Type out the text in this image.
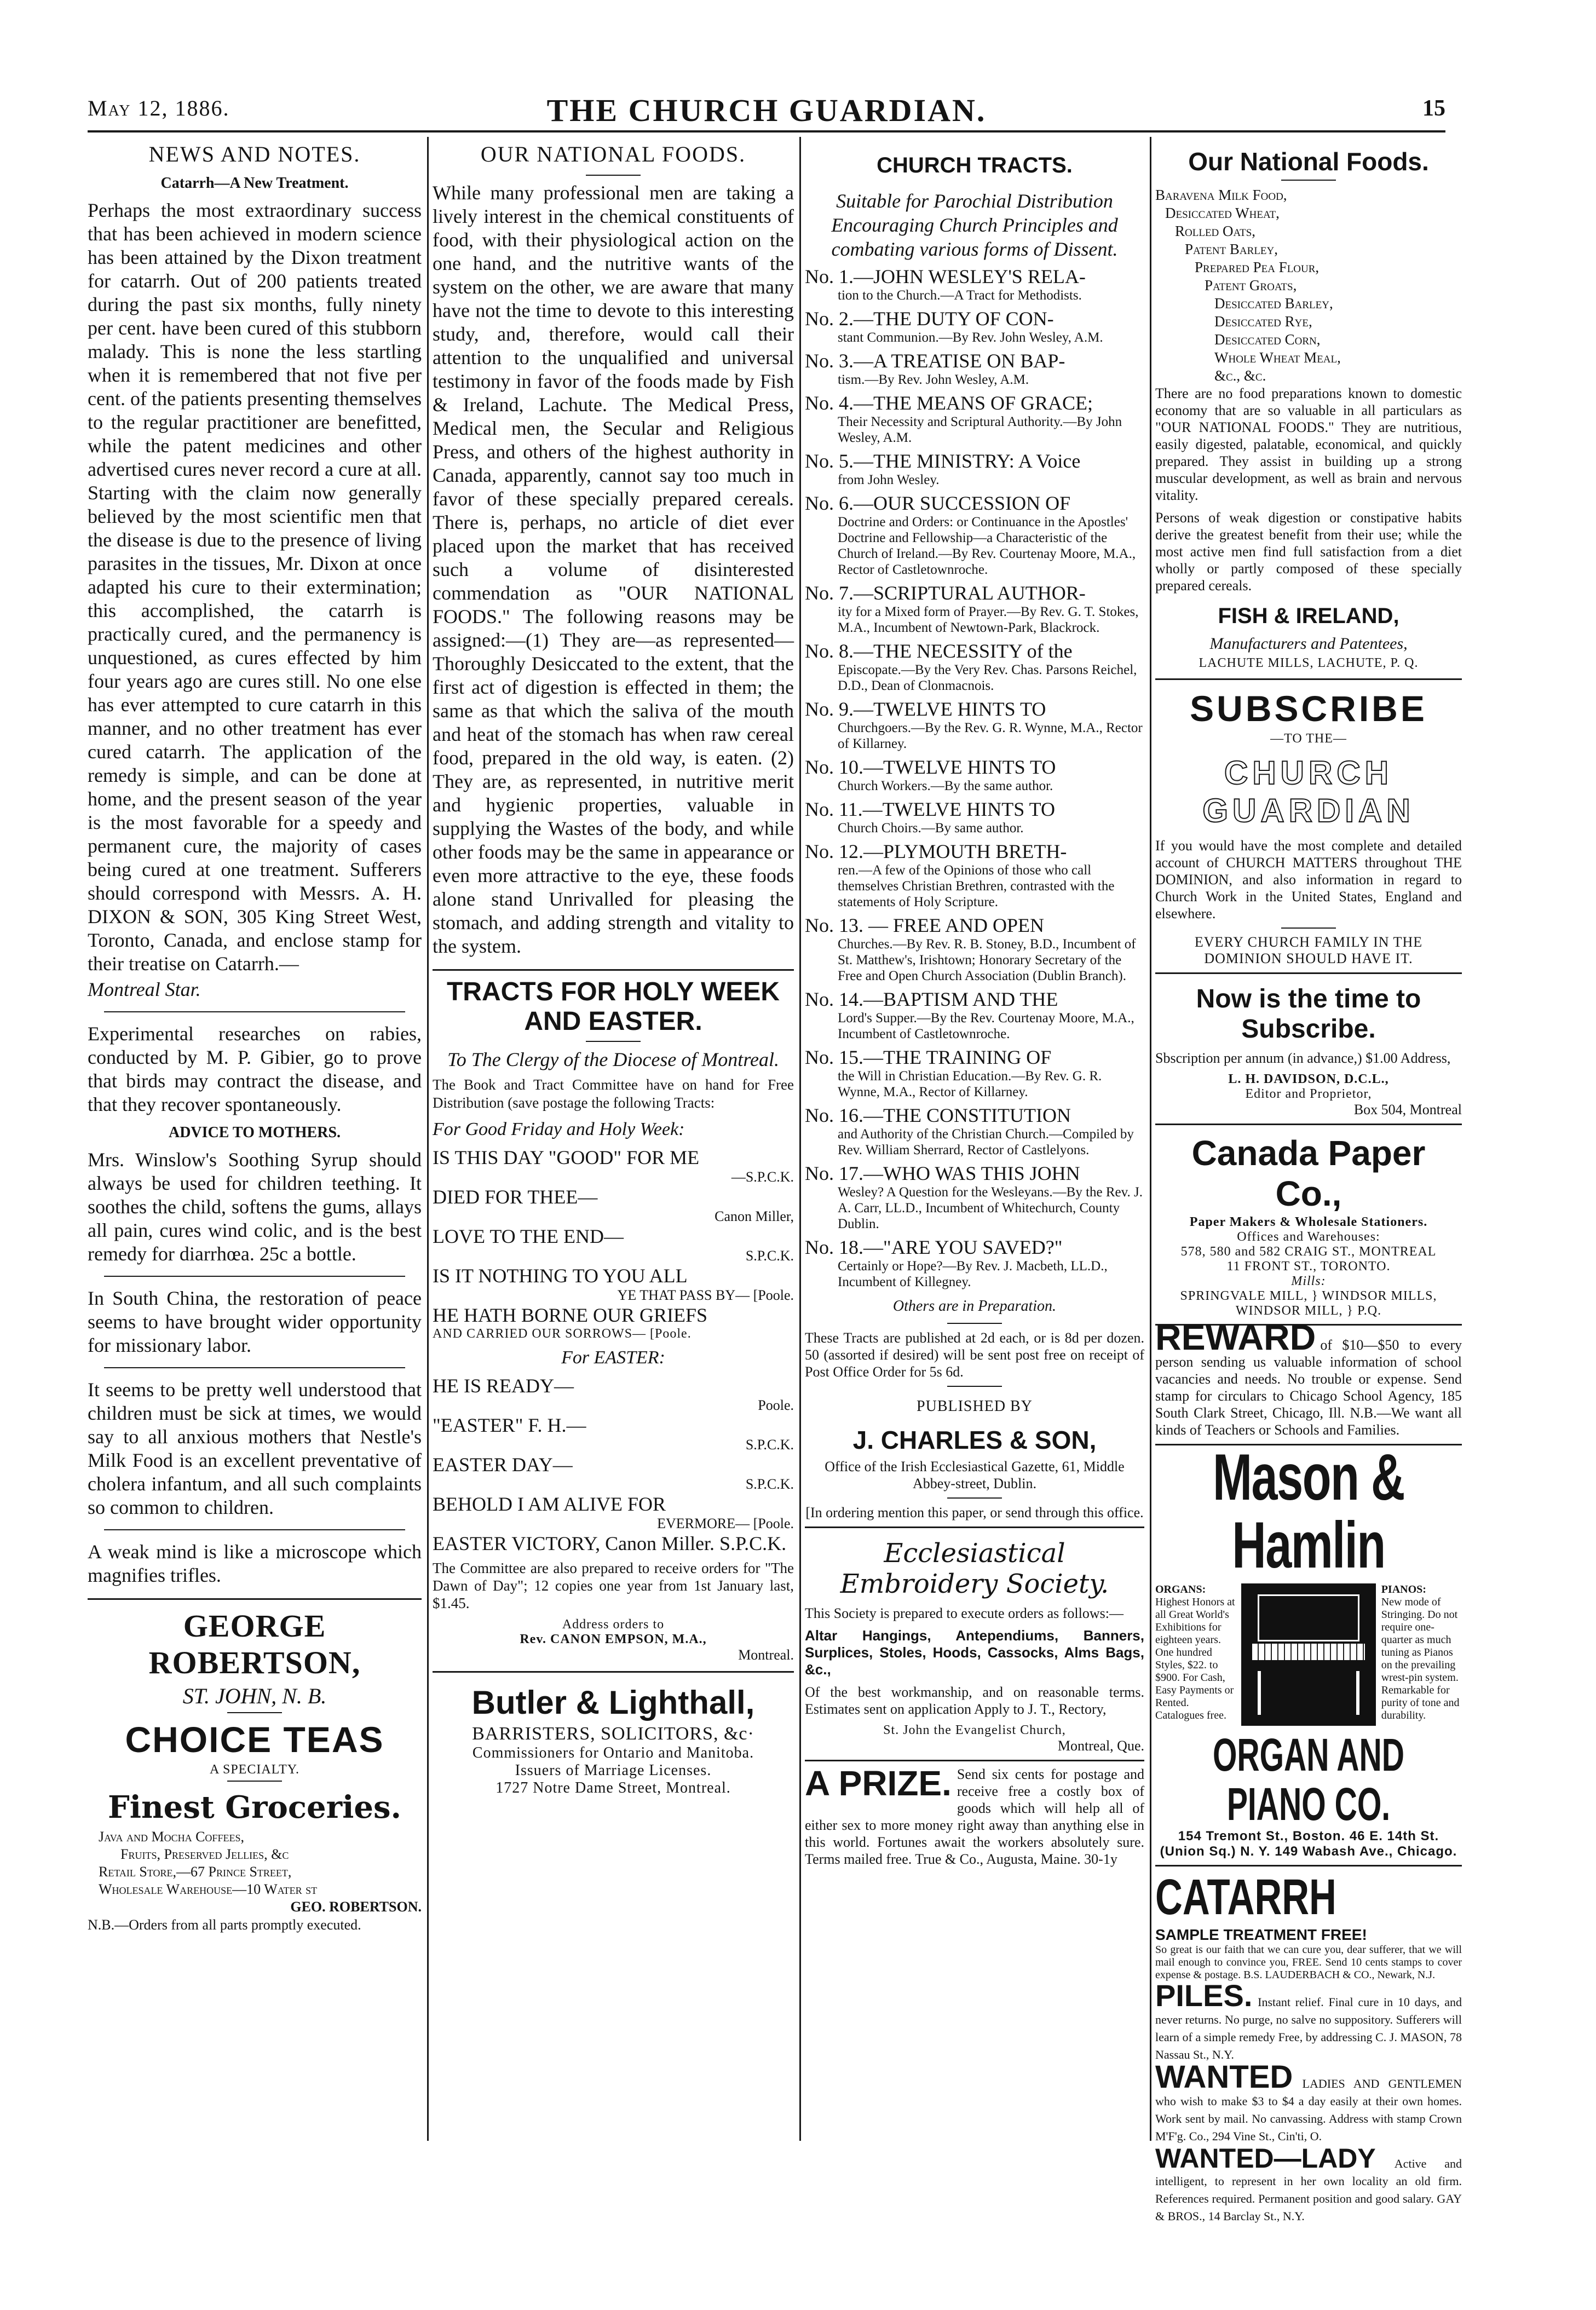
May 12, 1886.	THE CHURCH GUARDIAN.	15
NEWS AND NOTES.
Catarrh—A New Treatment.

Perhaps the most extraordinary success that has been achieved in modern science has been attained by the Dixon treatment for catarrh. Out of 200 patients treated during the past six months, fully ninety per cent. have been cured of this stubborn malady. This is none the less startling when it is remembered that not five per cent. of the patients presenting themselves to the regular practitioner are benefitted, while the patent medicines and other advertised cures never record a cure at all. Starting with the claim now generally believed by the most scientific men that the disease is due to the presence of living parasites in the tissues, Mr. Dixon at once adapted his cure to their extermination; this accomplished, the catarrh is practically cured, and the permanency is unquestioned, as cures effected by him four years ago are cures still. No one else has ever attempted to cure catarrh in this manner, and no other treatment has ever cured catarrh. The application of the remedy is simple, and can be done at home, and the present season of the year is the most favorable for a speedy and permanent cure, the majority of cases being cured at one treatment. Sufferers should correspond with Messrs. A. H. DIXON & SON, 305 King Street West, Toronto, Canada, and enclose stamp for their treatise on Catarrh.—

Montreal Star.

Experimental researches on rabies, conducted by M. P. Gibier, go to prove that birds may contract the disease, and that they recover spontaneously.

ADVICE TO MOTHERS.

Mrs. Winslow's Soothing Syrup should always be used for children teething. It soothes the child, softens the gums, allays all pain, cures wind colic, and is the best remedy for diarrhœa. 25c a bottle.

In South China, the restoration of peace seems to have brought wider opportunity for missionary labor.

It seems to be pretty well understood that children must be sick at times, we would say to all anxious mothers that Nestle's Milk Food is an excellent preventative of cholera infantum, and all such complaints so common to children.

A weak mind is like a microscope which magnifies trifles.

GEORGE ROBERTSON,
ST. JOHN, N. B.
CHOICE TEAS
A SPECIALTY.
Finest Groceries.
Java and Mocha Coffees,
Fruits, Preserved Jellies, &c
Retail Store,—67 Prince Street,
Wholesale Warehouse—10 Water st
GEO. ROBERTSON.
N.B.—Orders from all parts promptly executed.
OUR NATIONAL FOODS.

While many professional men are taking a lively interest in the chemical constituents of food, with their physiological action on the one hand, and the nutritive wants of the system on the other, we are aware that many have not the time to devote to this interesting study, and, therefore, would call their attention to the unqualified and universal testimony in favor of the foods made by Fish & Ireland, Lachute. The Medical Press, Medical men, the Secular and Religious Press, and others of the highest authority in Canada, apparently, cannot say too much in favor of these specially prepared cereals. There is, perhaps, no article of diet ever placed upon the market that has received such a volume of disinterested commendation as "OUR NATIONAL FOODS." The following reasons may be assigned:—(1) They are—as represented—Thoroughly Desiccated to the extent, that the first act of digestion is effected in them; the same as that which the saliva of the mouth and heat of the stomach has when raw cereal food, prepared in the old way, is eaten. (2) They are, as represented, in nutritive merit and hygienic properties, valuable in supplying the Wastes of the body, and while other foods may be the same in appearance or even more attractive to the eye, these foods alone stand Unrivalled for pleasing the stomach, and adding strength and vitality to the system.

TRACTS FOR HOLY WEEK AND EASTER.
To The Clergy of the Diocese of Montreal.

The Book and Tract Committee have on hand for Free Distribution (save postage the following Tracts:

For Good Friday and Holy Week:
IS THIS DAY "GOOD" FOR ME
—S.P.C.K.
DIED FOR THEE—
Canon Miller,
LOVE TO THE END—
S.P.C.K.
IS IT NOTHING TO YOU ALL
YE THAT PASS BY— [Poole.
HE HATH BORNE OUR GRIEFS
AND CARRIED OUR SORROWS— [Poole.
For EASTER:
HE IS READY—
Poole.
"EASTER" F. H.—
S.P.C.K.
EASTER DAY—
S.P.C.K.
BEHOLD I AM ALIVE FOR
EVERMORE— [Poole.
EASTER VICTORY, Canon Miller. S.P.C.K.

The Committee are also prepared to receive orders for "The Dawn of Day"; 12 copies one year from 1st January last, $1.45.

Address orders to
Rev. CANON EMPSON, M.A.,
Montreal.
Butler & Lighthall,
BARRISTERS, SOLICITORS, &c·
Commissioners for Ontario and Manitoba.
Issuers of Marriage Licenses.
1727 Notre Dame Street, Montreal.
CHURCH TRACTS.
Suitable for Parochial Distribution Encouraging Church Principles and combating various forms of Dissent.
No. 1.—JOHN WESLEY'S RELA-
tion to the Church.—A Tract for Methodists.
No. 2.—THE DUTY OF CON-
stant Communion.—By Rev. John Wesley, A.M.
No. 3.—A TREATISE ON BAP-
tism.—By Rev. John Wesley, A.M.
No. 4.—THE MEANS OF GRACE;
Their Necessity and Scriptural Authority.—By John Wesley, A.M.
No. 5.—THE MINISTRY: A Voice
from John Wesley.
No. 6.—OUR SUCCESSION OF
Doctrine and Orders: or Continuance in the Apostles' Doctrine and Fellowship—a Characteristic of the Church of Ireland.—By Rev. Courtenay Moore, M.A., Rector of Castletownroche.
No. 7.—SCRIPTURAL AUTHOR-
ity for a Mixed form of Prayer.—By Rev. G. T. Stokes, M.A., Incumbent of Newtown-Park, Blackrock.
No. 8.—THE NECESSITY of the
Episcopate.—By the Very Rev. Chas. Parsons Reichel, D.D., Dean of Clonmacnois.
No. 9.—TWELVE HINTS TO
Churchgoers.—By the Rev. G. R. Wynne, M.A., Rector of Killarney.
No. 10.—TWELVE HINTS TO
Church Workers.—By the same author.
No. 11.—TWELVE HINTS TO
Church Choirs.—By same author.
No. 12.—PLYMOUTH BRETH-
ren.—A few of the Opinions of those who call themselves Christian Brethren, contrasted with the statements of Holy Scripture.
No. 13. — FREE AND OPEN
Churches.—By Rev. R. B. Stoney, B.D., Incumbent of St. Matthew's, Irishtown; Honorary Secretary of the Free and Open Church Association (Dublin Branch).
No. 14.—BAPTISM AND THE
Lord's Supper.—By the Rev. Courtenay Moore, M.A., Incumbent of Castletownroche.
No. 15.—THE TRAINING OF
the Will in Christian Education.—By Rev. G. R. Wynne, M.A., Rector of Killarney.
No. 16.—THE CONSTITUTION
and Authority of the Christian Church.—Compiled by Rev. William Sherrard, Rector of Castlelyons.
No. 17.—WHO WAS THIS JOHN
Wesley? A Question for the Wesleyans.—By the Rev. J. A. Carr, LL.D., Incumbent of Whitechurch, County Dublin.
No. 18.—"ARE YOU SAVED?"
Certainly or Hope?—By Rev. J. Macbeth, LL.D., Incumbent of Killegney.
Others are in Preparation.

These Tracts are published at 2d each, or is 8d per dozen. 50 (assorted if desired) will be sent post free on receipt of Post Office Order for 5s 6d.

PUBLISHED BY
J. CHARLES & SON,

Office of the Irish Ecclesiastical Gazette, 61, Middle Abbey-street, Dublin.

[In ordering mention this paper, or send through this office.

Ecclesiastical Embroidery Society.

This Society is prepared to execute orders as follows:—

Altar Hangings, Antependiums, Banners, Surplices, Stoles, Hoods, Cassocks, Alms Bags, &c.,

Of the best workmanship, and on reasonable terms. Estimates sent on application Apply to J. T., Rectory,

St. John the Evangelist Church,
Montreal, Que.
A PRIZE. Send six cents for postage and receive free a costly box of goods which will help all of either sex to more money right away than anything else in this world. Fortunes await the workers absolutely sure. Terms mailed free. True & Co., Augusta, Maine. 30-1y
Our National Foods.
Baravena Milk Food,
Desiccated Wheat,
Rolled Oats,
Patent Barley,
Prepared Pea Flour,
Patent Groats,
Desiccated Barley,
Desiccated Rye,
Desiccated Corn,
Whole Wheat Meal,
&c., &c.

There are no food preparations known to domestic economy that are so valuable in all particulars as "OUR NATIONAL FOODS." They are nutritious, easily digested, palatable, economical, and quickly prepared. They assist in building up a strong muscular development, as well as brain and nervous vitality.

Persons of weak digestion or constipative habits derive the greatest benefit from their use; while the most active men find full satisfaction from a diet wholly or partly composed of these specially prepared cereals.

FISH & IRELAND,
Manufacturers and Patentees,
LACHUTE MILLS, LACHUTE, P. Q.
SUBSCRIBE
—TO THE—
CHURCH GUARDIAN

If you would have the most complete and detailed account of CHURCH MATTERS throughout THE DOMINION, and also information in regard to Church Work in the United States, England and elsewhere.

EVERY CHURCH FAMILY IN THE DOMINION SHOULD HAVE IT.
Now is the time to Subscribe.

Sbscription per annum (in advance,) $1.00 Address,

L. H. DAVIDSON, D.C.L.,
Editor and Proprietor,
Box 504, Montreal
Canada Paper Co.,
Paper Makers & Wholesale Stationers.
Offices and Warehouses:
578, 580 and 582 CRAIG ST., MONTREAL
11 FRONT ST., TORONTO.
Mills:
SPRINGVALE MILL, } WINDSOR MILLS, WINDSOR MILL, } P.Q.
REWARD of $10—$50 to every person sending us valuable information of school vacancies and needs. No trouble or expense. Send stamp for circulars to Chicago School Agency, 185 South Clark Street, Chicago, Ill. N.B.—We want all kinds of Teachers or Schools and Families.
Mason & Hamlin
ORGANS:
Highest Honors at all Great World's Exhibitions for eighteen years. One hundred Styles, $22. to $900. For Cash, Easy Payments or Rented. Catalogues free.
PIANOS:
New mode of Stringing. Do not require one-quarter as much tuning as Pianos on the prevailing wrest-pin system. Remarkable for purity of tone and durability.
ORGAN AND PIANO CO.
154 Tremont St., Boston. 46 E. 14th St. (Union Sq.) N. Y. 149 Wabash Ave., Chicago.
CATARRH SAMPLE TREATMENT FREE!

So great is our faith that we can cure you, dear sufferer, that we will mail enough to convince you, FREE. Send 10 cents stamps to cover expense & postage. B.S. LAUDERBACH & CO., Newark, N.J.

PILES. Instant relief. Final cure in 10 days, and never returns. No purge, no salve no suppository. Sufferers will learn of a simple remedy Free, by addressing C. J. MASON, 78 Nassau St., N.Y.
WANTED LADIES AND GENTLEMEN who wish to make $3 to $4 a day easily at their own homes. Work sent by mail. No canvassing. Address with stamp Crown M'F'g. Co., 294 Vine St., Cin'ti, O.
WANTED—LADY Active and intelligent, to represent in her own locality an old firm. References required. Permanent position and good salary. GAY & BROS., 14 Barclay St., N.Y.
